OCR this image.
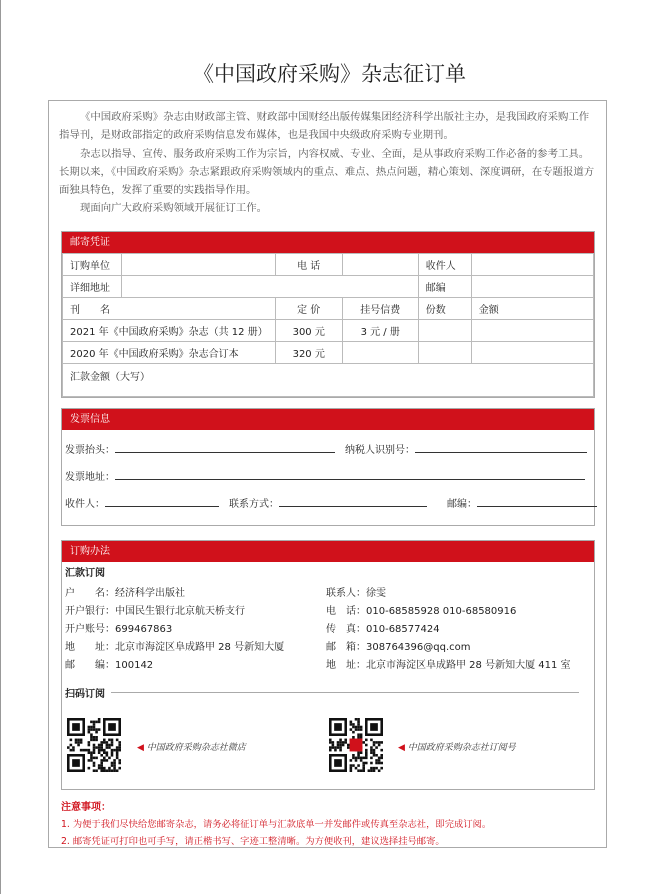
《中国政府采购》杂志征订单

《中国政府采购》杂志由财政部主管、财政部中国财经出版传媒集团经济科学出版社主办，是我国政府采购工作指导刊，是财政部指定的政府采购信息发布媒体，也是我国中央级政府采购专业期刊。

杂志以指导、宣传、服务政府采购工作为宗旨，内容权威、专业、全面，是从事政府采购工作必备的参考工具。长期以来，《中国政府采购》杂志紧跟政府采购领域内的重点、难点、热点问题，精心策划、深度调研，在专题报道方面独具特色，发挥了重要的实践指导作用。

现面向广大政府采购领域开展征订工作。

邮寄凭证
订购单位		电 话		收件人	
详细地址				邮编	
刊　　名		定 价	挂号信费	份数	金额
2021 年《中国政府采购》杂志（共 12 册）		300 元	3 元 / 册		
2020 年《中国政府采购》杂志合订本		320 元			
汇款金额（大写）					
发票信息
发票抬头：　	纳税人识别号：
发票地址：
收件人：　	联系方式：　　	邮编：
订购办法
汇款订阅
户　　名：经济科学出版社
开户银行：中国民生银行北京航天桥支行
开户账号：699467863
地　　址：北京市海淀区阜成路甲 28 号新知大厦
邮　　编：100142
联系人：徐雯
电　话：010-68585928 010-68580916
传　真：010-68577424
邮　箱：308764396@qq.com
地　址：北京市海淀区阜成路甲 28 号新知大厦 411 室
扫码订阅
◀ 中国政府采购杂志社微店	◀ 中国政府采购杂志社订阅号
注意事项：
1. 为便于我们尽快给您邮寄杂志，请务必将征订单与汇款底单一并发邮件或传真至杂志社，即完成订阅。
2. 邮寄凭证可打印也可手写，请正楷书写、字迹工整清晰。为方便收刊，建议选择挂号邮寄。
